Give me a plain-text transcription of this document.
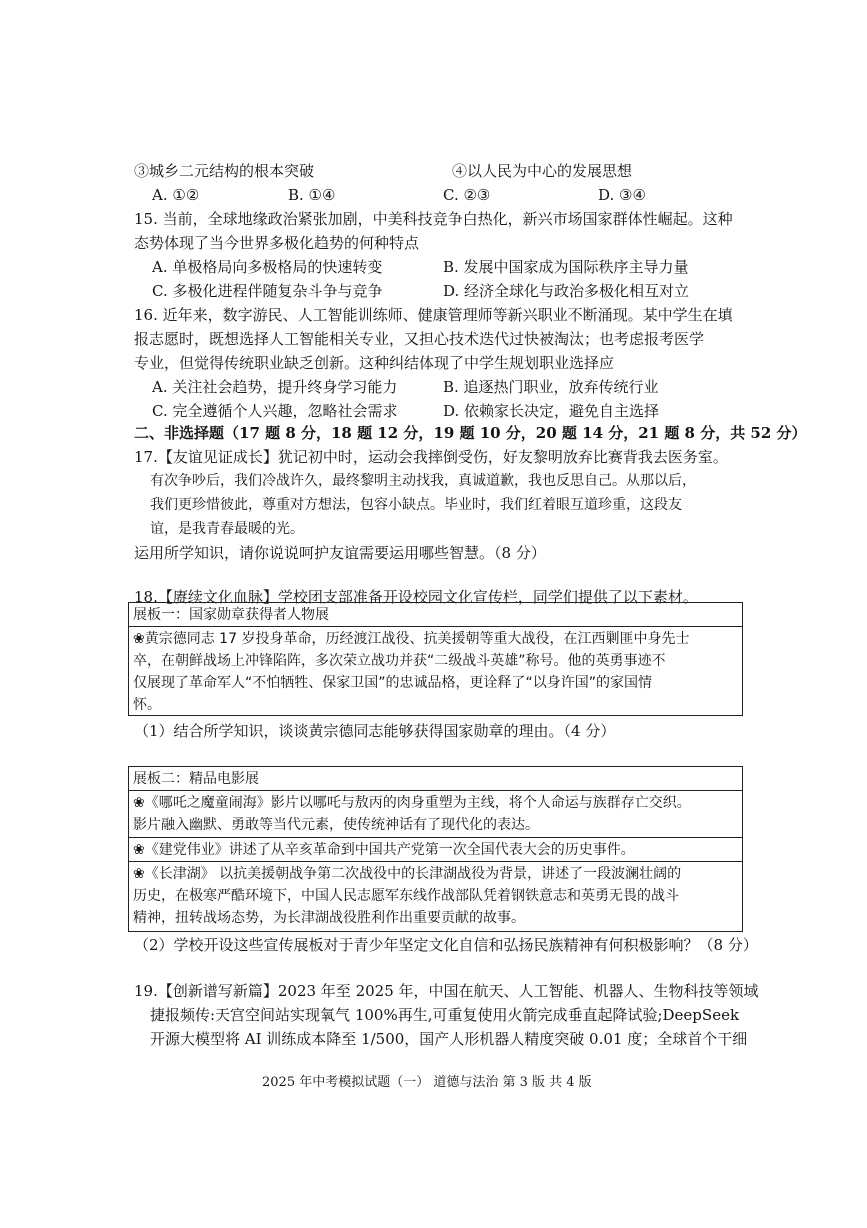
③城乡二元结构的根本突破	④以人民为中心的发展思想
A. ①②	B. ①④	C. ②③	D. ③④
15. 当前，全球地缘政治紧张加剧，中美科技竞争白热化，新兴市场国家群体性崛起。这种
态势体现了当今世界多极化趋势的何种特点
A. 单极格局向多极格局的快速转变	B. 发展中国家成为国际秩序主导力量
C. 多极化进程伴随复杂斗争与竞争	D. 经济全球化与政治多极化相互对立
16. 近年来，数字游民、人工智能训练师、健康管理师等新兴职业不断涌现。某中学生在填
报志愿时，既想选择人工智能相关专业，又担心技术迭代过快被淘汰；也考虑报考医学
专业，但觉得传统职业缺乏创新。这种纠结体现了中学生规划职业选择应
A. 关注社会趋势，提升终身学习能力	B. 追逐热门职业，放弃传统行业
C. 完全遵循个人兴趣，忽略社会需求	D. 依赖家长决定，避免自主选择
二、非选择题（17 题 8 分，18 题 12 分，19 题 10 分，20 题 14 分，21 题 8 分，共 52 分）
17.【友谊见证成长】犹记初中时，运动会我摔倒受伤，好友黎明放弃比赛背我去医务室。
有次争吵后，我们冷战许久，最终黎明主动找我，真诚道歉，我也反思自己。从那以后，
我们更珍惜彼此，尊重对方想法，包容小缺点。毕业时，我们红着眼互道珍重，这段友
谊，是我青春最暖的光。
运用所学知识，请你说说呵护友谊需要运用哪些智慧。（8 分）
18.【赓续文化血脉】学校团支部准备开设校园文化宣传栏，同学们提供了以下素材。
展板一：国家勋章获得者人物展
❀黄宗德同志 17 岁投身革命，历经渡江战役、抗美援朝等重大战役，在江西剿匪中身先士
卒，在朝鲜战场上冲锋陷阵，多次荣立战功并获“二级战斗英雄”称号。他的英勇事迹不
仅展现了革命军人“不怕牺牲、保家卫国”的忠诚品格，更诠释了“以身许国”的家国情
怀。
（1）结合所学知识，谈谈黄宗德同志能够获得国家勋章的理由。（4 分）
展板二：精品电影展
❀《哪吒之魔童闹海》影片以哪吒与敖丙的肉身重塑为主线，将个人命运与族群存亡交织。
影片融入幽默、勇敢等当代元素，使传统神话有了现代化的表达。
❀《建党伟业》讲述了从辛亥革命到中国共产党第一次全国代表大会的历史事件。
❀《长津湖》 以抗美援朝战争第二次战役中的长津湖战役为背景，讲述了一段波澜壮阔的
历史，在极寒严酷环境下，中国人民志愿军东线作战部队凭着钢铁意志和英勇无畏的战斗
精神，扭转战场态势，为长津湖战役胜利作出重要贡献的故事。
（2）学校开设这些宣传展板对于青少年坚定文化自信和弘扬民族精神有何积极影响？（8 分）
19.【创新谱写新篇】2023 年至 2025 年，中国在航天、人工智能、机器人、生物科技等领域
捷报频传:天宫空间站实现氧气 100%再生,可重复使用火箭完成垂直起降试验;DeepSeek
开源大模型将 AI 训练成本降至 1/500，国产人形机器人精度突破 0.01 度；全球首个干细
2025 年中考模拟试题（一） 道德与法治 第 3 版 共 4 版
